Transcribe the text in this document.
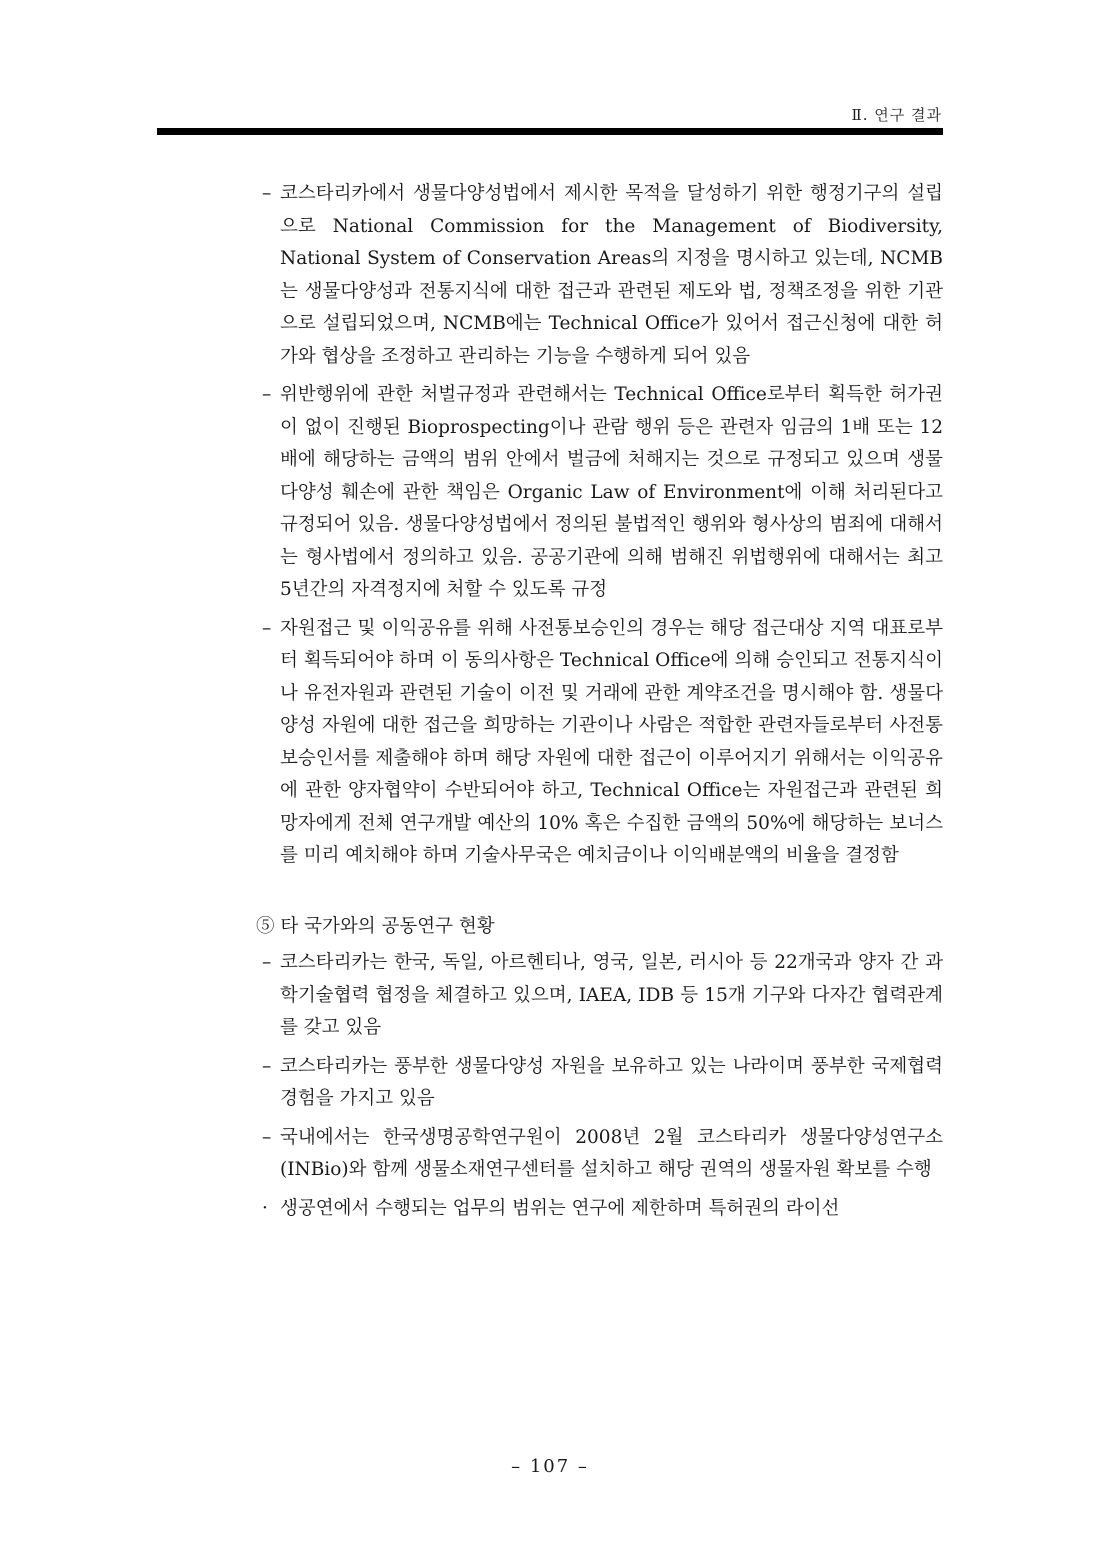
Ⅱ. 연구 결과
– 코스타리카에서 생물다양성법에서 제시한 목적을 달성하기 위한 행정기구의 설립으로 National Commission for the Management of Biodiversity, National System of Conservation Areas의 지정을 명시하고 있는데, NCMB는 생물다양성과 전통지식에 대한 접근과 관련된 제도와 법, 정책조정을 위한 기관으로 설립되었으며, NCMB에는 Technical Office가 있어서 접근신청에 대한 허가와 협상을 조정하고 관리하는 기능을 수행하게 되어 있음
– 위반행위에 관한 처벌규정과 관련해서는 Technical Office로부터 획득한 허가권이 없이 진행된 Bioprospecting이나 관람 행위 등은 관련자 임금의 1배 또는 12배에 해당하는 금액의 범위 안에서 벌금에 처해지는 것으로 규정되고 있으며 생물다양성 훼손에 관한 책임은 Organic Law of Environment에 이해 처리된다고 규정되어 있음. 생물다양성법에서 정의된 불법적인 행위와 형사상의 범죄에 대해서는 형사법에서 정의하고 있음. 공공기관에 의해 범해진 위법행위에 대해서는 최고 5년간의 자격정지에 처할 수 있도록 규정
– 자원접근 및 이익공유를 위해 사전통보승인의 경우는 해당 접근대상 지역 대표로부터 획득되어야 하며 이 동의사항은 Technical Office에 의해 승인되고 전통지식이나 유전자원과 관련된 기술이 이전 및 거래에 관한 계약조건을 명시해야 함. 생물다양성 자원에 대한 접근을 희망하는 기관이나 사람은 적합한 관련자들로부터 사전통보승인서를 제출해야 하며 해당 자원에 대한 접근이 이루어지기 위해서는 이익공유에 관한 양자협약이 수반되어야 하고, Technical Office는 자원접근과 관련된 희망자에게 전체 연구개발 예산의 10% 혹은 수집한 금액의 50%에 해당하는 보너스를 미리 예치해야 하며 기술사무국은 예치금이나 이익배분액의 비율을 결정함
⑤ 타 국가와의 공동연구 현황
– 코스타리카는 한국, 독일, 아르헨티나, 영국, 일본, 러시아 등 22개국과 양자 간 과학기술협력 협정을 체결하고 있으며, IAEA, IDB 등 15개 기구와 다자간 협력관계를 갖고 있음
– 코스타리카는 풍부한 생물다양성 자원을 보유하고 있는 나라이며 풍부한 국제협력경험을 가지고 있음
– 국내에서는 한국생명공학연구원이 2008년 2월 코스타리카 생물다양성연구소(INBio)와 함께 생물소재연구센터를 설치하고 해당 권역의 생물자원 확보를 수행
· 생공연에서 수행되는 업무의 범위는 연구에 제한하며 특허권의 라이선
– 107 –
